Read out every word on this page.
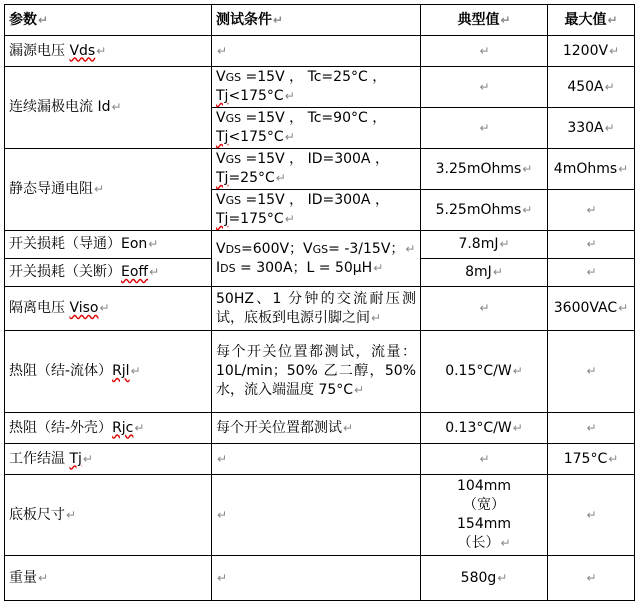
参数↵	测试条件↵	典型值↵	最大值↵
漏源电压 Vds↵	↵	↵	1200V↵
连续漏极电流 Id↵	VGS =15V ， Tc=25°C ，
Tj<175°C↵	↵	450A↵
	VGS =15V ， Tc=90°C ，
Tj<175°C↵	↵	330A↵
静态导通电阻↵	VGS =15V ， ID=300A ，
Tj=25°C↵	3.25mOhms↵	4mOhms↵
	VGS =15V ， ID=300A ，
Tj=175°C↵	5.25mOhms↵	↵
开关损耗（导通）Eon↵	VDS=600V；VGS= -3/15V；↵
IDS = 300A；L = 50μH↵	7.8mJ↵	↵
开关损耗（关断）Eoff↵		8mJ↵	↵
隔离电压 Viso↵	50HZ、1 分钟的交流耐压测试，底板到电源引脚之间↵	↵	3600VAC↵
热阻（结-流体）Rjl↵	每个开关位置都测试，流量：10L/min；50% 乙二醇，50%水，流入端温度 75°C↵	0.15°C/W↵	↵
热阻（结-外壳）Rjc↵	每个开关位置都测试↵	0.13°C/W↵	↵
工作结温 Tj↵	↵	↵	175°C↵
底板尺寸↵	↵	104mm
（宽）
154mm
（长）↵	↵
重量↵	↵	580g↵	↵
